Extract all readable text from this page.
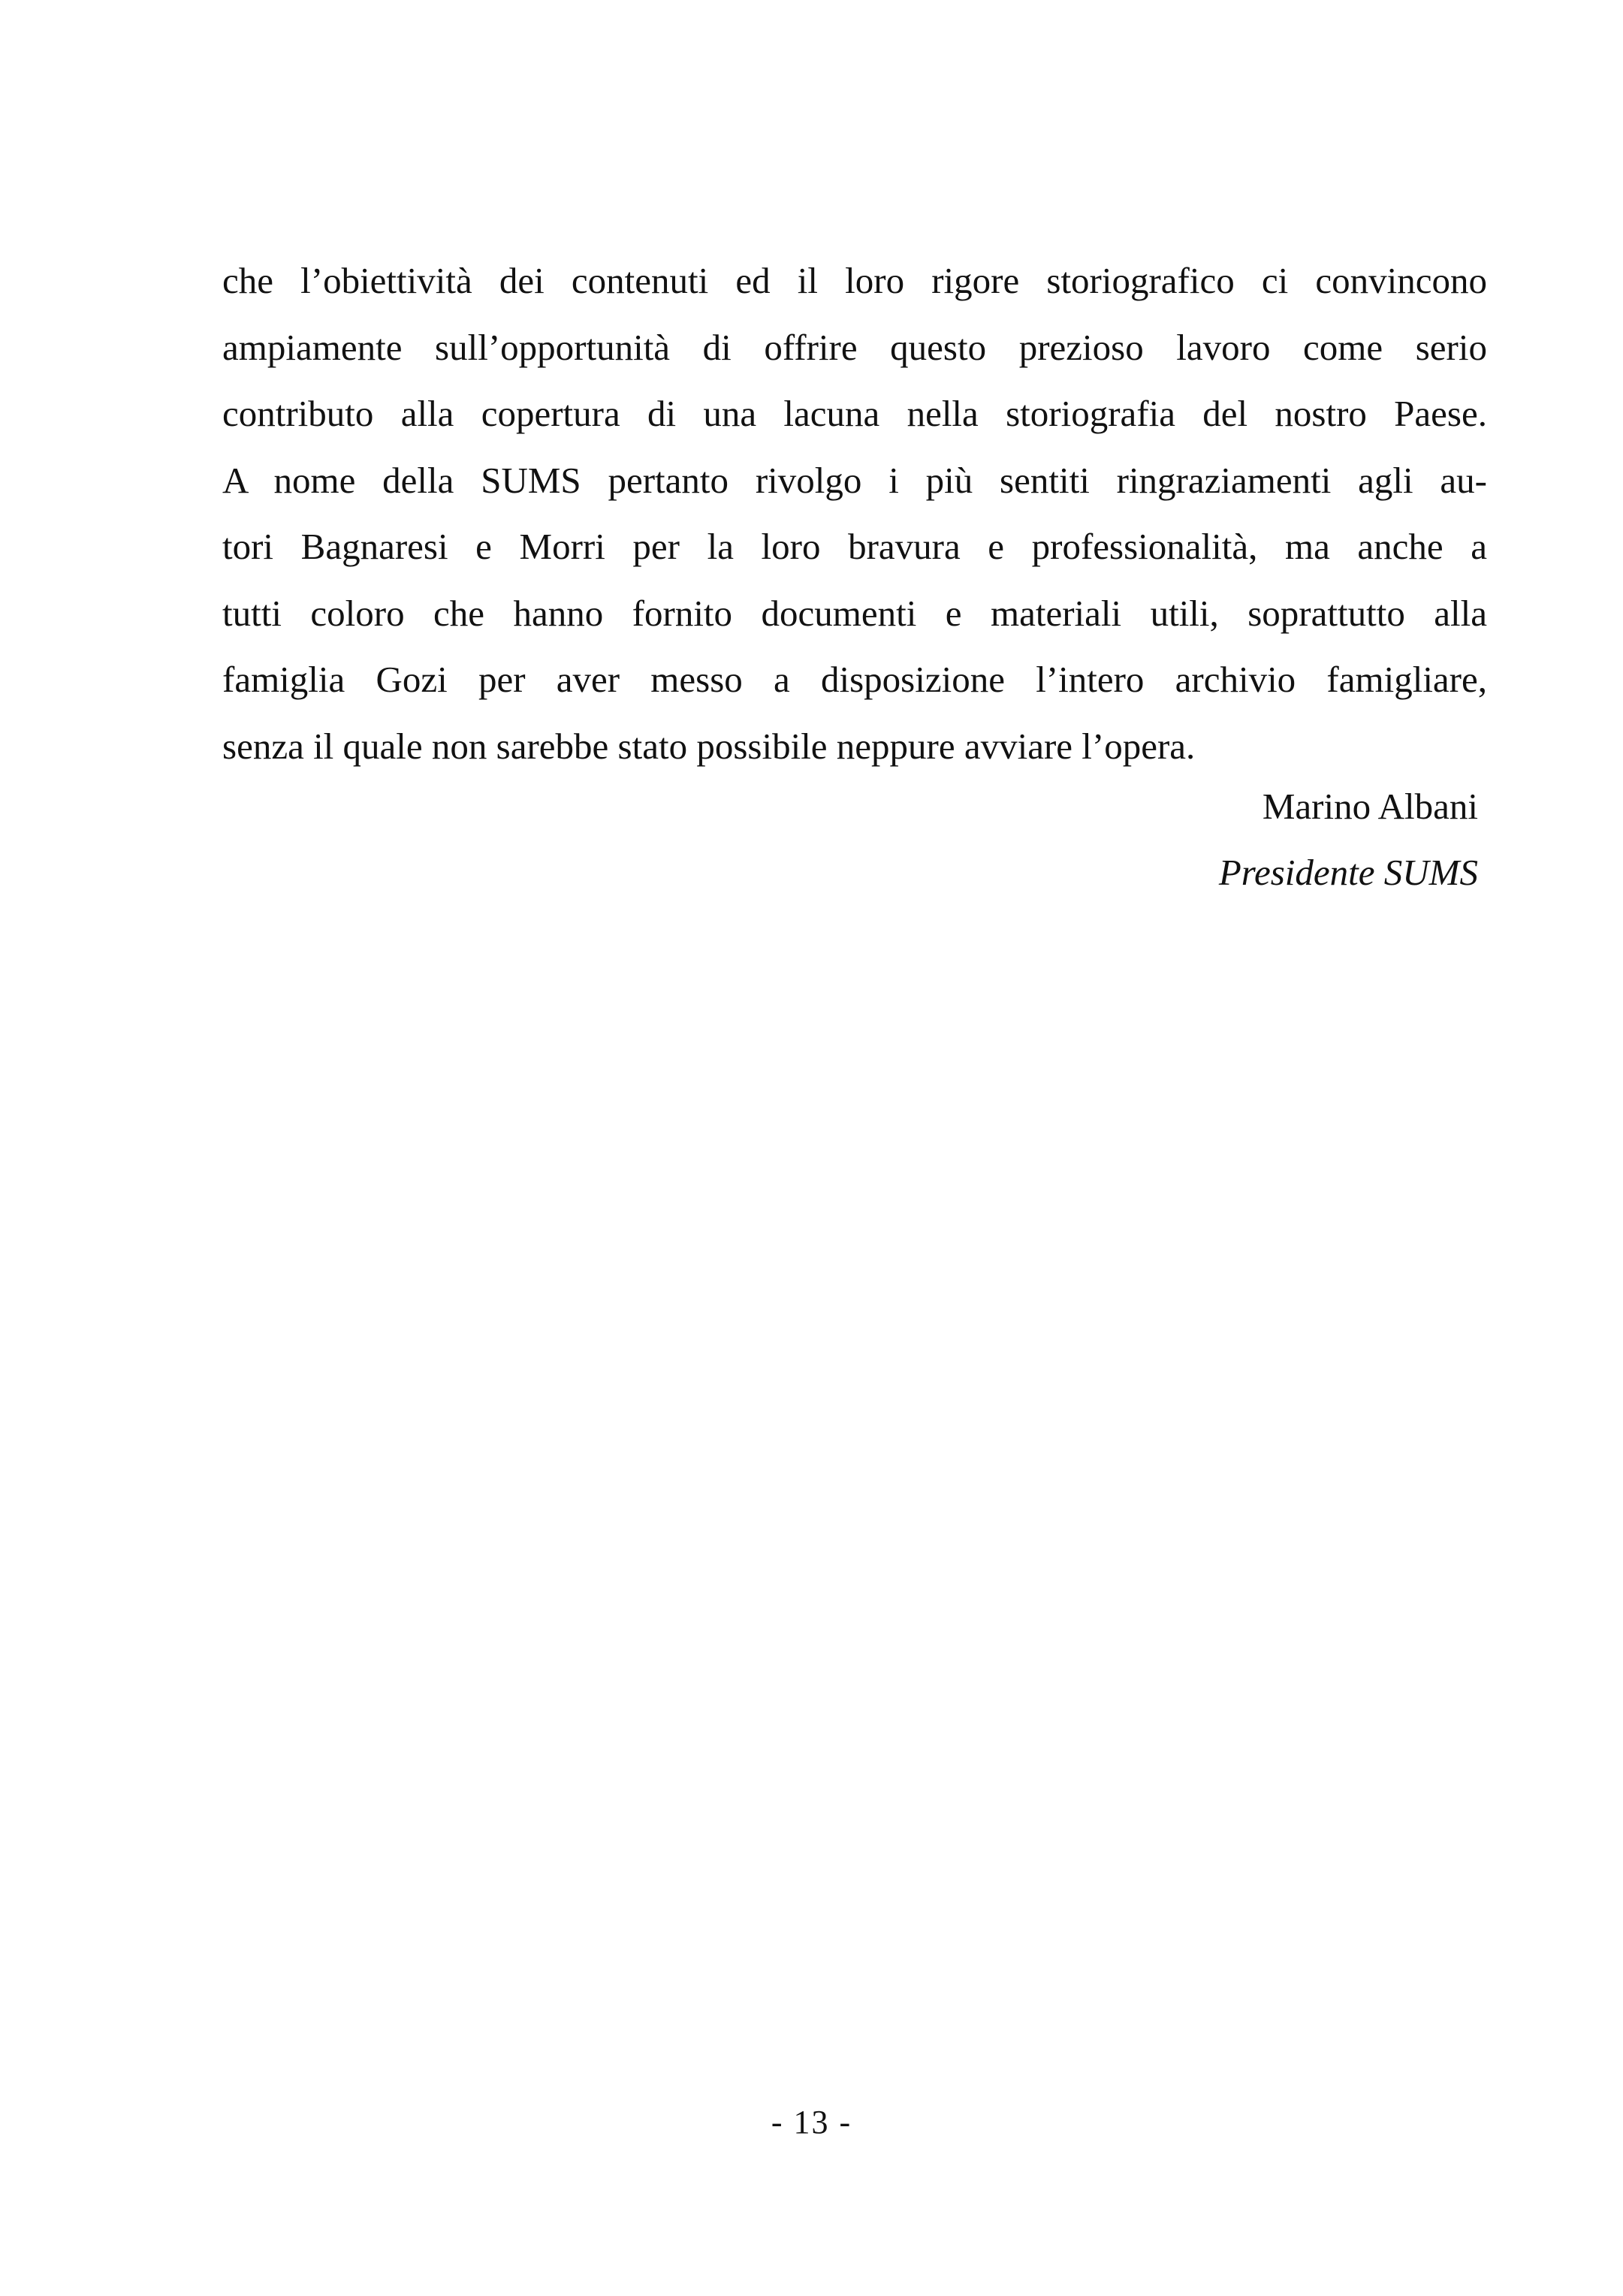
che l’obiettività dei contenuti ed il loro rigore storiografico ci convincono
ampiamente sull’opportunità di offrire questo prezioso lavoro come serio
contributo alla copertura di una lacuna nella storiografia del nostro Paese.
A nome della SUMS pertanto rivolgo i più sentiti ringraziamenti agli au-
tori Bagnaresi e Morri per la loro bravura e professionalità, ma anche a
tutti coloro che hanno fornito documenti e materiali utili, soprattutto alla
famiglia Gozi per aver messo a disposizione l’intero archivio famigliare,
senza il quale non sarebbe stato possibile neppure avviare l’opera.
Marino Albani
Presidente SUMS
- 13 -
